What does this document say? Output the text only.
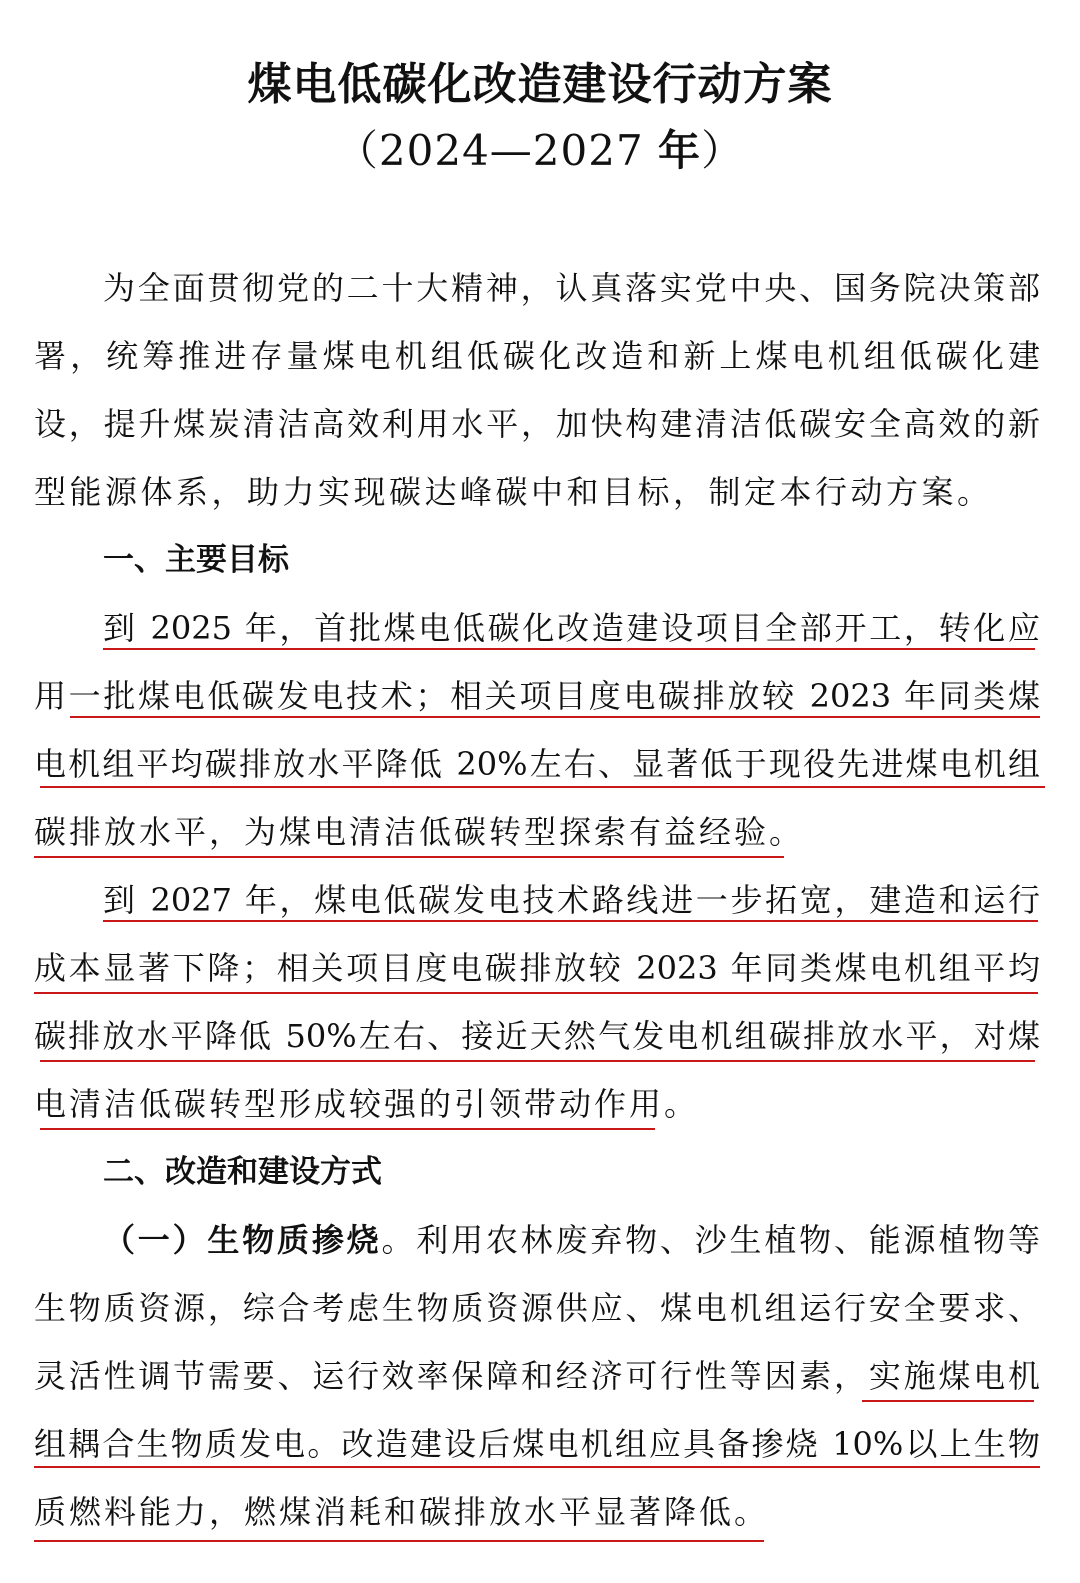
煤电低碳化改造建设行动方案
（2024—2027 年）
为全面贯彻党的二十大精神，认真落实党中央、国务院决策部
署，统筹推进存量煤电机组低碳化改造和新上煤电机组低碳化建
设，提升煤炭清洁高效利用水平，加快构建清洁低碳安全高效的新
型能源体系，助力实现碳达峰碳中和目标，制定本行动方案。
一、主要目标
到 2025 年，首批煤电低碳化改造建设项目全部开工，转化应
用一批煤电低碳发电技术；相关项目度电碳排放较 2023 年同类煤
电机组平均碳排放水平降低 20%左右、显著低于现役先进煤电机组
碳排放水平，为煤电清洁低碳转型探索有益经验。
到 2027 年，煤电低碳发电技术路线进一步拓宽，建造和运行
成本显著下降；相关项目度电碳排放较 2023 年同类煤电机组平均
碳排放水平降低 50%左右、接近天然气发电机组碳排放水平，对煤
电清洁低碳转型形成较强的引领带动作用。
二、改造和建设方式
（一）生物质掺烧。利用农林废弃物、沙生植物、能源植物等
生物质资源，综合考虑生物质资源供应、煤电机组运行安全要求、
灵活性调节需要、运行效率保障和经济可行性等因素，实施煤电机
组耦合生物质发电。改造建设后煤电机组应具备掺烧 10%以上生物
质燃料能力，燃煤消耗和碳排放水平显著降低。
